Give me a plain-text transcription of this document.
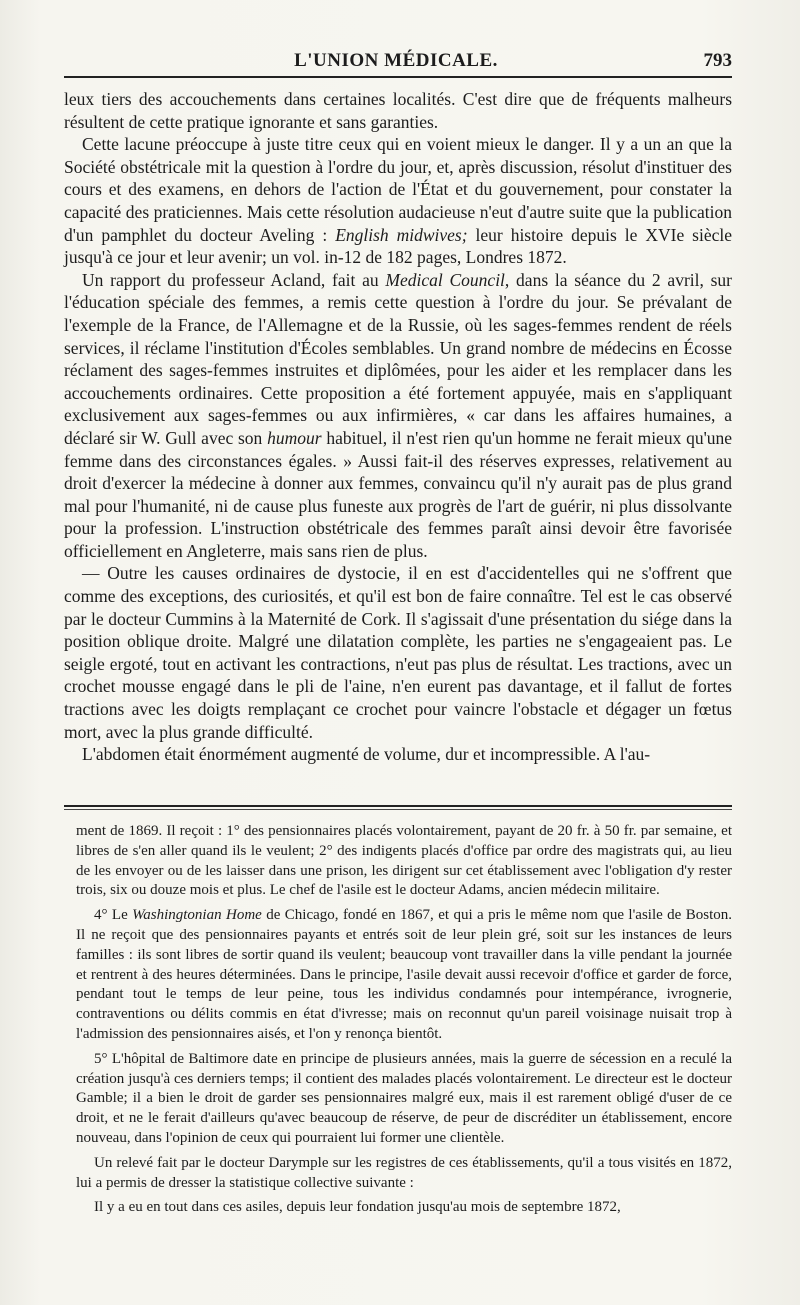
L'UNION MÉDICALE.	793

leux tiers des accouchements dans certaines localités. C'est dire que de fréquents malheurs résultent de cette pratique ignorante et sans garanties.

Cette lacune préoccupe à juste titre ceux qui en voient mieux le danger. Il y a un an que la Société obstétricale mit la question à l'ordre du jour, et, après discussion, résolut d'instituer des cours et des examens, en dehors de l'action de l'État et du gouvernement, pour constater la capacité des praticiennes. Mais cette résolution audacieuse n'eut d'autre suite que la publication d'un pamphlet du docteur Aveling : English midwives; leur histoire depuis le XVIe siècle jusqu'à ce jour et leur avenir; un vol. in-12 de 182 pages, Londres 1872.

Un rapport du professeur Acland, fait au Medical Council, dans la séance du 2 avril, sur l'éducation spéciale des femmes, a remis cette question à l'ordre du jour. Se prévalant de l'exemple de la France, de l'Allemagne et de la Russie, où les sages-femmes rendent de réels services, il réclame l'institution d'Écoles semblables. Un grand nombre de médecins en Écosse réclament des sages-femmes instruites et diplômées, pour les aider et les remplacer dans les accouchements ordinaires. Cette proposition a été fortement appuyée, mais en s'appliquant exclusivement aux sages-femmes ou aux infirmières, « car dans les affaires humaines, a déclaré sir W. Gull avec son humour habituel, il n'est rien qu'un homme ne ferait mieux qu'une femme dans des circonstances égales. » Aussi fait-il des réserves expresses, relativement au droit d'exercer la médecine à donner aux femmes, convaincu qu'il n'y aurait pas de plus grand mal pour l'humanité, ni de cause plus funeste aux progrès de l'art de guérir, ni plus dissolvante pour la profession. L'instruction obstétricale des femmes paraît ainsi devoir être favorisée officiellement en Angleterre, mais sans rien de plus.

— Outre les causes ordinaires de dystocie, il en est d'accidentelles qui ne s'offrent que comme des exceptions, des curiosités, et qu'il est bon de faire connaître. Tel est le cas observé par le docteur Cummins à la Maternité de Cork. Il s'agissait d'une présentation du siége dans la position oblique droite. Malgré une dilatation complète, les parties ne s'engageaient pas. Le seigle ergoté, tout en activant les contractions, n'eut pas plus de résultat. Les tractions, avec un crochet mousse engagé dans le pli de l'aine, n'en eurent pas davantage, et il fallut de fortes tractions avec les doigts remplaçant ce crochet pour vaincre l'obstacle et dégager un fœtus mort, avec la plus grande difficulté.

L'abdomen était énormément augmenté de volume, dur et incompressible. A l'au-

ment de 1869. Il reçoit : 1° des pensionnaires placés volontairement, payant de 20 fr. à 50 fr. par semaine, et libres de s'en aller quand ils le veulent; 2° des indigents placés d'office par ordre des magistrats qui, au lieu de les envoyer ou de les laisser dans une prison, les dirigent sur cet établissement avec l'obligation d'y rester trois, six ou douze mois et plus. Le chef de l'asile est le docteur Adams, ancien médecin militaire.

4° Le Washingtonian Home de Chicago, fondé en 1867, et qui a pris le même nom que l'asile de Boston. Il ne reçoit que des pensionnaires payants et entrés soit de leur plein gré, soit sur les instances de leurs familles : ils sont libres de sortir quand ils veulent; beaucoup vont travailler dans la ville pendant la journée et rentrent à des heures déterminées. Dans le principe, l'asile devait aussi recevoir d'office et garder de force, pendant tout le temps de leur peine, tous les individus condamnés pour intempérance, ivrognerie, contraventions ou délits commis en état d'ivresse; mais on reconnut qu'un pareil voisinage nuisait trop à l'admission des pensionnaires aisés, et l'on y renonça bientôt.

5° L'hôpital de Baltimore date en principe de plusieurs années, mais la guerre de sécession en a reculé la création jusqu'à ces derniers temps; il contient des malades placés volontairement. Le directeur est le docteur Gamble; il a bien le droit de garder ses pensionnaires malgré eux, mais il est rarement obligé d'user de ce droit, et ne le ferait d'ailleurs qu'avec beaucoup de réserve, de peur de discréditer un établissement, encore nouveau, dans l'opinion de ceux qui pourraient lui former une clientèle.

Un relevé fait par le docteur Darymple sur les registres de ces établissements, qu'il a tous visités en 1872, lui a permis de dresser la statistique collective suivante :

Il y a eu en tout dans ces asiles, depuis leur fondation jusqu'au mois de septembre 1872,
